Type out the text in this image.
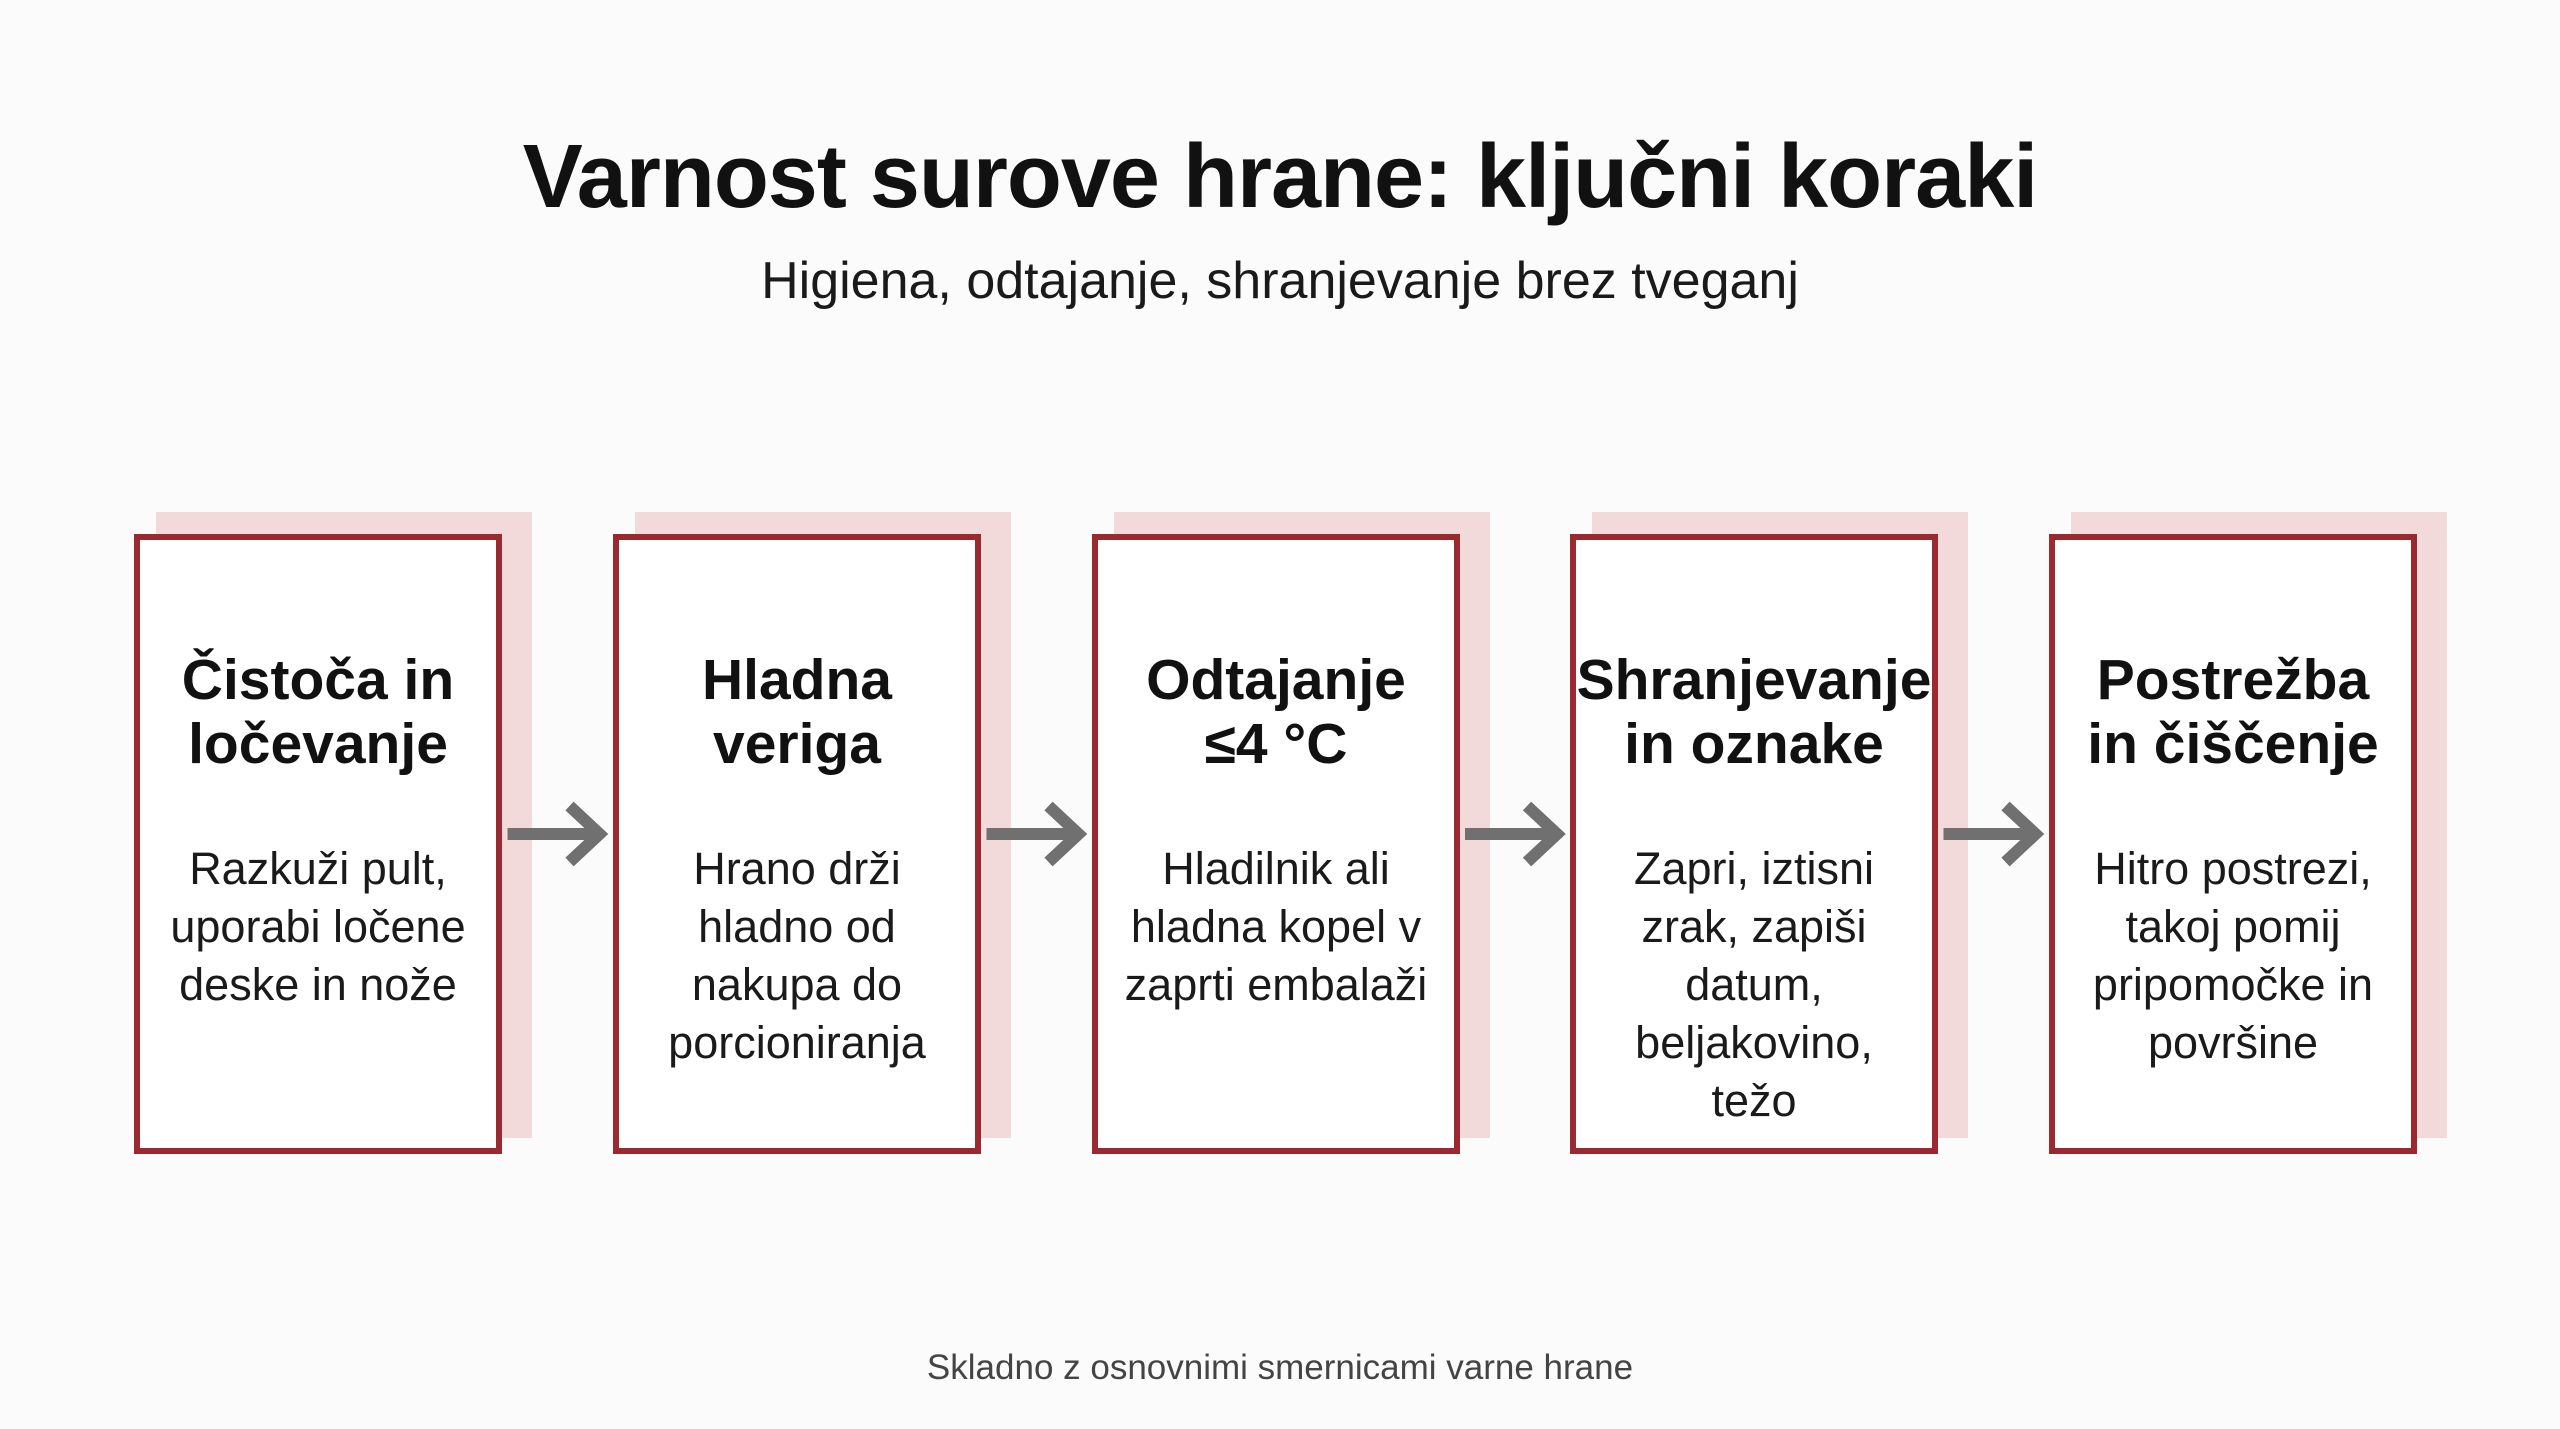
Varnost surove hrane: ključni koraki
Higiena, odtajanje, shranjevanje brez tveganj
Čistoča in
ločevanje
Razkuži pult,
uporabi ločene
deske in nože
Hladna
veriga
Hrano drži
hladno od
nakupa do
porcioniranja
Odtajanje
≤4 °C
Hladilnik ali
hladna kopel v
zaprti embalaži
Shranjevanje
in oznake
Zapri, iztisni
zrak, zapiši
datum,
beljakovino,
težo
Postrežba
in čiščenje
Hitro postrezi,
takoj pomij
pripomočke in
površine
Skladno z osnovnimi smernicami varne hrane
